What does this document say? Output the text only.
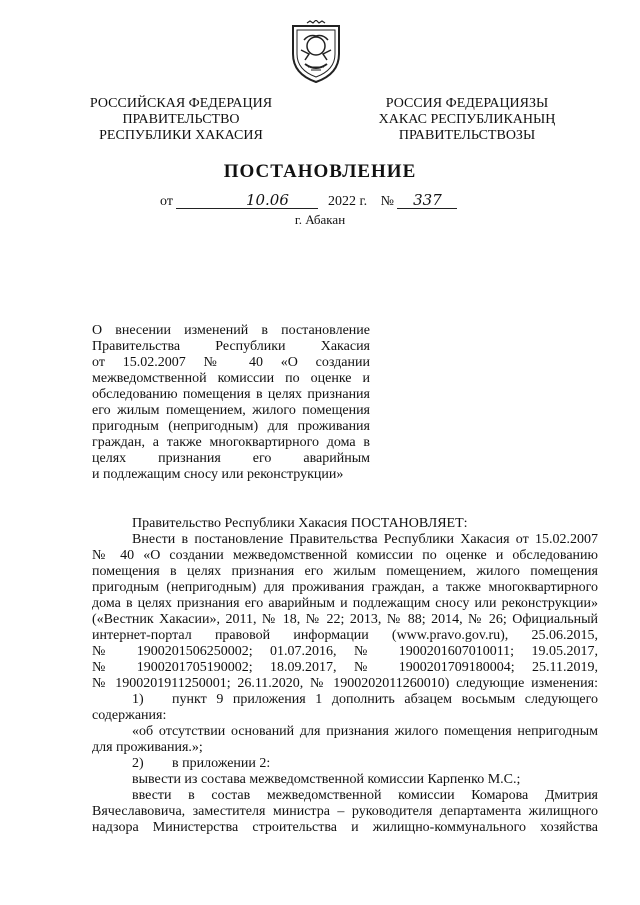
РОССИЙСКАЯ ФЕДЕРАЦИЯ
ПРАВИТЕЛЬСТВО
РЕСПУБЛИКИ ХАКАСИЯ
РОССИЯ ФЕДЕРАЦИЯЗЫ
ХАКАС РЕСПУБЛИКАНЫҢ
ПРАВИТЕЛЬСТВОЗЫ
ПОСТАНОВЛЕНИЕ
от	10.06	2022 г. № 337
г. Абакан
О внесении изменений в постановление
Правительства Республики Хакасия
от 15.02.2007 № 40 «О создании
межведомственной комиссии по оценке и
обследованию помещения в целях признания
его жилым помещением, жилого помещения
пригодным (непригодным) для проживания
граждан, а также многоквартирного дома в
целях признания его аварийным
и подлежащим сносу или реконструкции»
Правительство Республики Хакасия ПОСТАНОВЛЯЕТ:
Внести в постановление Правительства Республики Хакасия от 15.02.2007
№ 40 «О создании межведомственной комиссии по оценке и обследованию
помещения в целях признания его жилым помещением, жилого помещения
пригодным (непригодным) для проживания граждан, а также многоквартирного
дома в целях признания его аварийным и подлежащим сносу или реконструкции»
(«Вестник Хакасии», 2011, № 18, № 22; 2013, № 88; 2014, № 26; Официальный
интернет-портал правовой информации (www.pravo.gov.ru), 25.06.2015,
№ 1900201506250002; 01.07.2016, № 1900201607010011; 19.05.2017,
№ 1900201705190002; 18.09.2017, № 1900201709180004; 25.11.2019,
№ 1900201911250001; 26.11.2020, № 1900202011260010) следующие изменения:
1)	пункт 9 приложения 1 дополнить абзацем восьмым следующего
содержания:
«об отсутствии оснований для признания жилого помещения непригодным
для проживания.»;
2)	в приложении 2:
вывести из состава межведомственной комиссии Карпенко М.С.;
ввести в состав межведомственной комиссии Комарова Дмитрия
Вячеславовича, заместителя министра – руководителя департамента жилищного
надзора Министерства строительства и жилищно-коммунального хозяйства
